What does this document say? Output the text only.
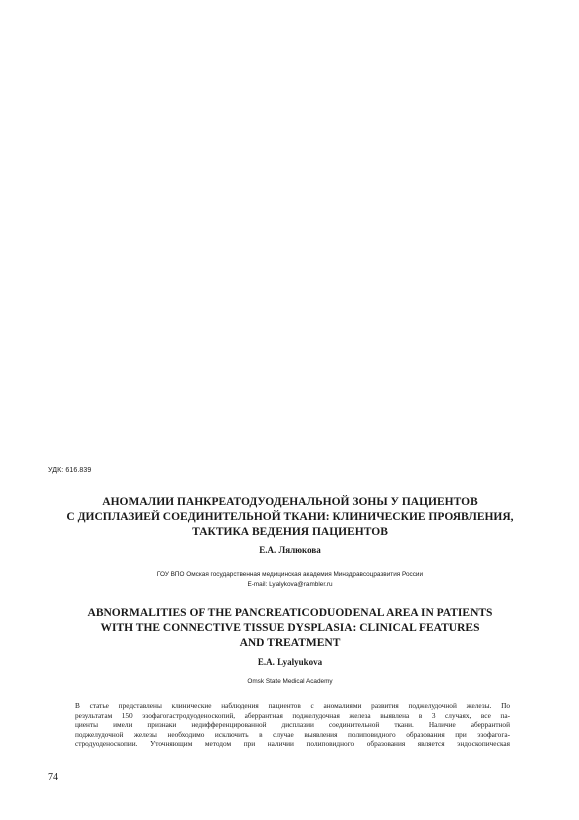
УДК: 616.839
АНОМАЛИИ ПАНКРЕАТОДУОДЕНАЛЬНОЙ ЗОНЫ У ПАЦИЕНТОВ
С ДИСПЛАЗИЕЙ СОЕДИНИТЕЛЬНОЙ ТКАНИ: КЛИНИЧЕСКИЕ ПРОЯВЛЕНИЯ,
ТАКТИКА ВЕДЕНИЯ ПАЦИЕНТОВ
Е.А. Лялюкова
ГОУ ВПО Омская государственная медицинская академия Минздравсоцразвития России
E-mail: Lyalykova@rambler.ru
ABNORMALITIES OF THE PANCREATICODUODENAL AREA IN PATIENTS
WITH THE CONNECTIVE TISSUE DYSPLASIA: CLINICAL FEATURES
AND TREATMENT
E.A. Lyalyukova
Omsk State Medical Academy
В статье представлены клинические наблюдения пациентов с аномалиями развития поджелудочной железы. По
результатам 150 эзофагогастродуоденоскопий, аберрантная поджелудочная железа выявлена в 3 случаях, все па-
циенты имели признаки недифференцированной дисплазии соединительной ткани. Наличие аберрантной
поджелудочной железы необходимо исключить в случае выявления полиповидного образования при эзофагога-
стродуоденоскопии. Уточняющим методом при наличии полиповидного образования является эндоскопическая
74
